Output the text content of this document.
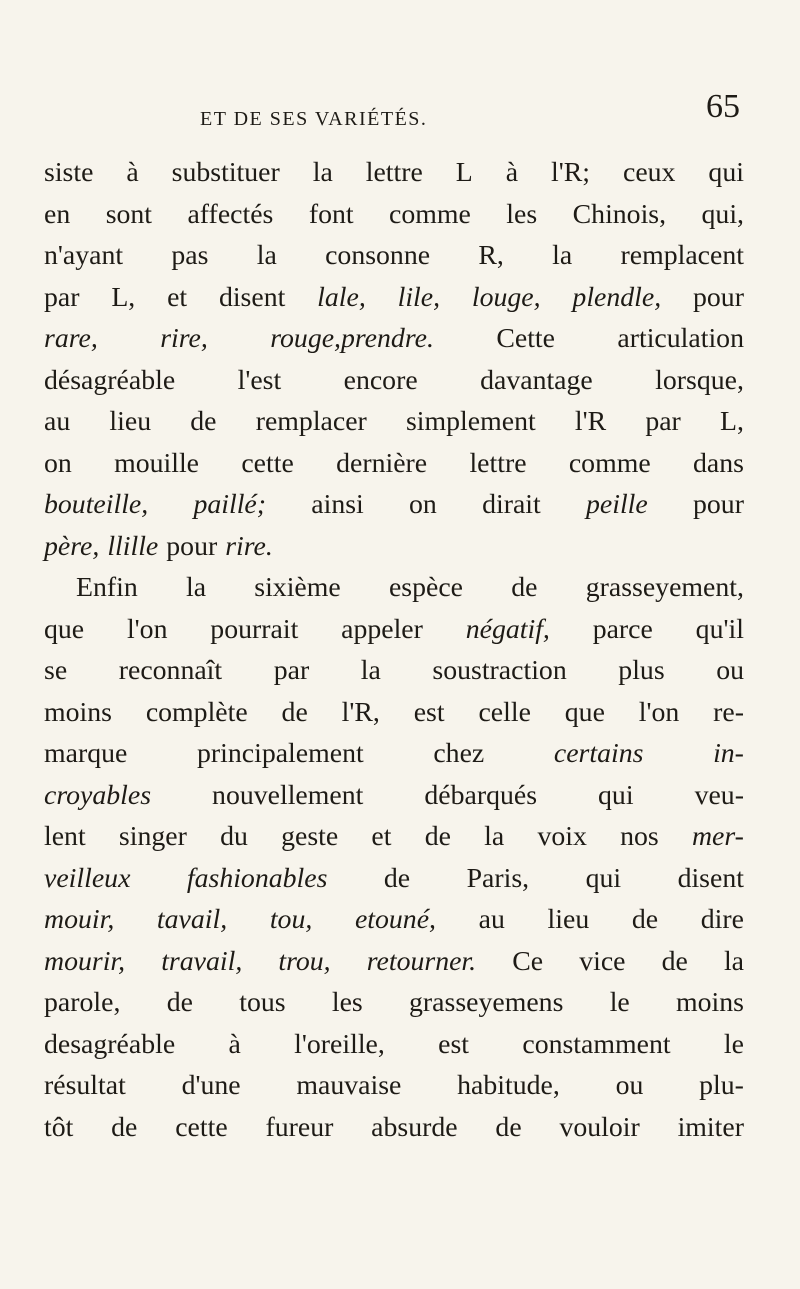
ET DE SES VARIÉTÉS.	65
siste à substituer la lettre L à l'R; ceux qui
en sont affectés font comme les Chinois, qui,
n'ayant pas la consonne R, la remplacent
par L, et disent lale, lile, louge, plendle, pour
rare, rire, rouge,prendre. Cette articulation
désagréable l'est encore davantage lorsque,
au lieu de remplacer simplement l'R par L,
on mouille cette dernière lettre comme dans
bouteille, paillé; ainsi on dirait peille pour
père, llille pour rire.
Enfin la sixième espèce de grasseyement,
que l'on pourrait appeler négatif, parce qu'il
se reconnaît par la soustraction plus ou
moins complète de l'R, est celle que l'on re-
marque	principalement	chez	certains	in-
croyables nouvellement débarqués qui veu-
lent singer du geste et de la voix nos mer-
veilleux fashionables de Paris, qui disent
mouir, tavail, tou, etouné, au lieu de dire
mourir, travail, trou, retourner. Ce vice de la
parole, de tous les grasseyemens le moins
desagréable à l'oreille, est constamment le
résultat d'une mauvaise habitude, ou plu-
tôt de cette fureur absurde de vouloir imiter
